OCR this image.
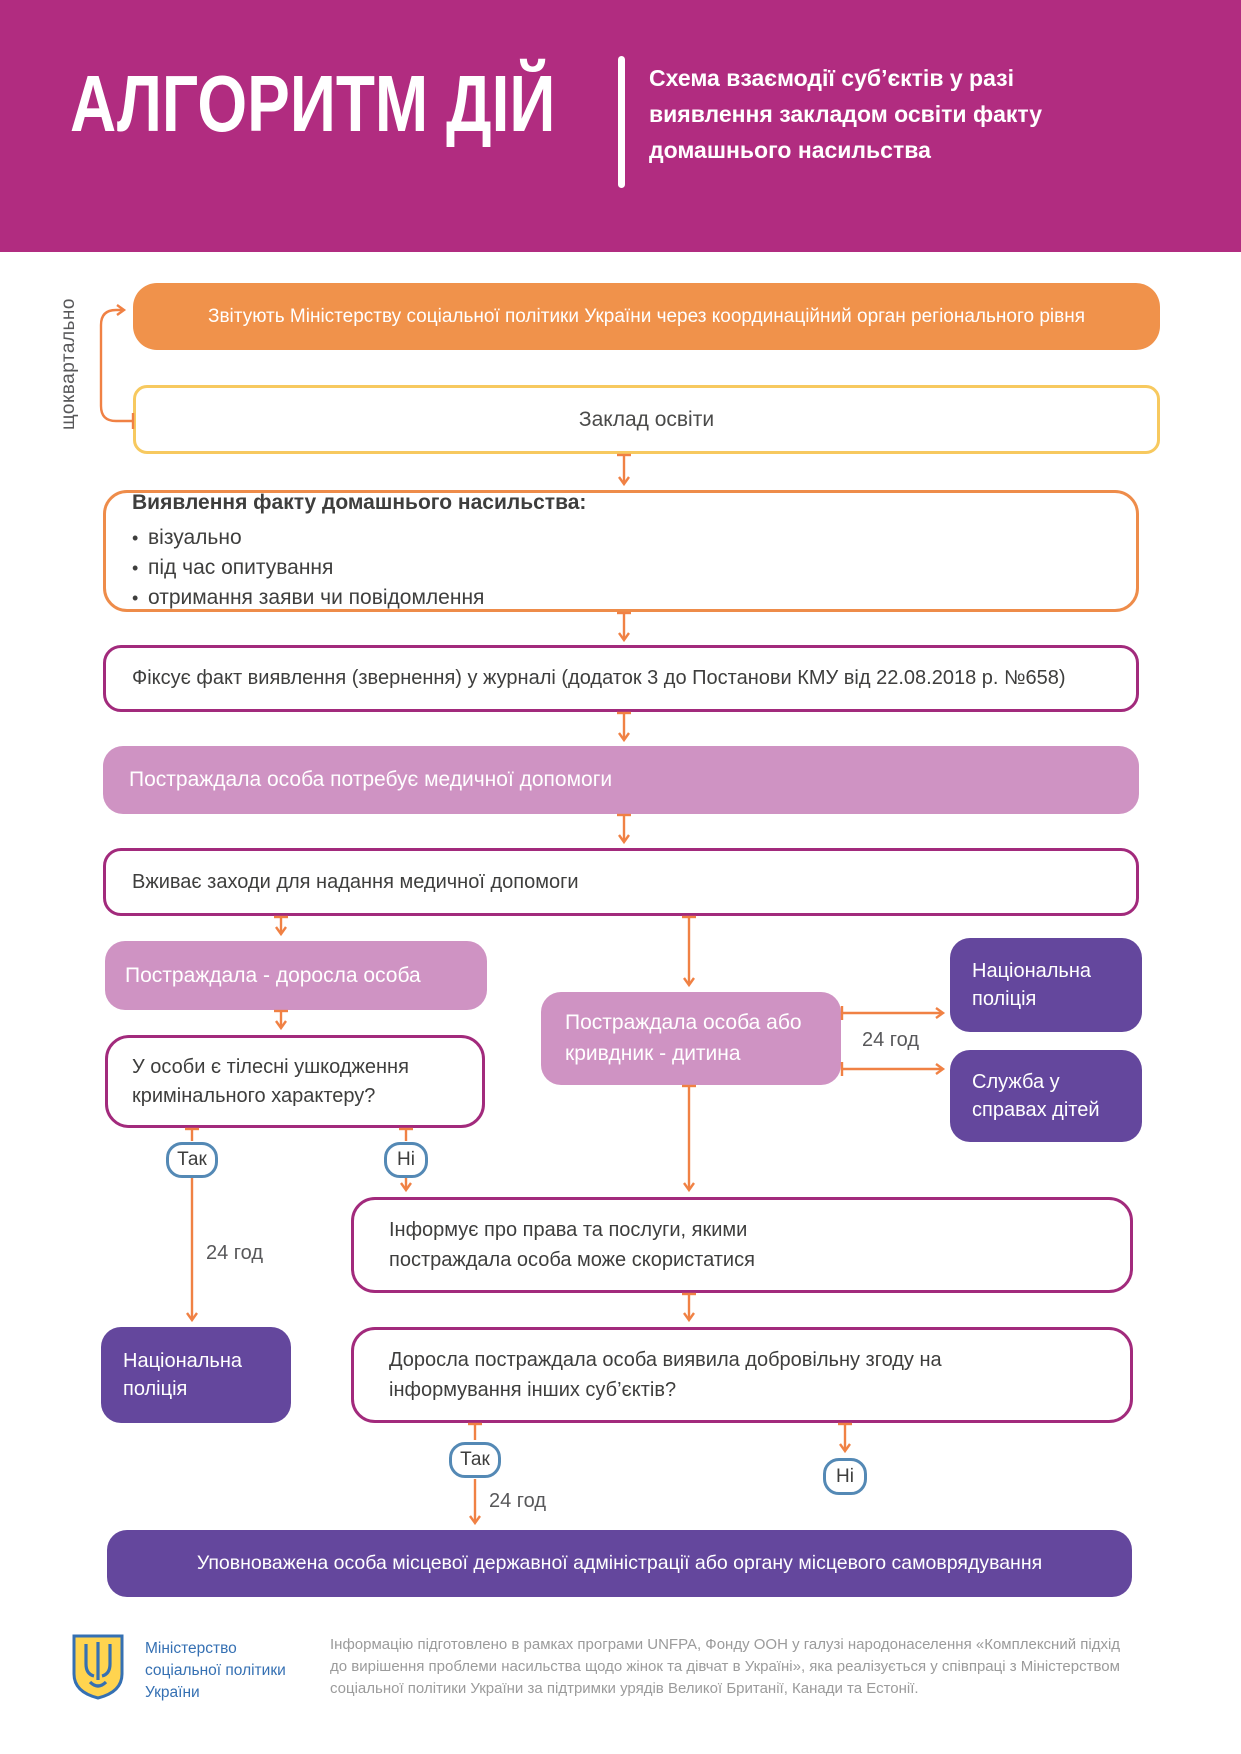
АЛГОРИТМ ДІЙ	Схема взаємодії суб’єктів у разі
виявлення закладом освіти факту
домашнього насильства
щоквартально	Звітують Міністерству соціальної політики України через координаційний орган регіонального рівня
Заклад освіти
Виявлення факту домашнього насильства:
• візуально
• під час опитування
• отримання заяви чи повідомлення
Фіксує факт виявлення (звернення) у журналі (додаток 3 до Постанови КМУ від 22.08.2018 р. №658)
Постраждала особа потребує медичної допомоги
Вживає заходи для надання медичної допомоги
Постраждала - доросла особа
Постраждала особа або кривдник - дитина
У особи є тілесні ушкодження кримінального характеру?
Національна поліція
Служба у справах дітей
Інформує про права та послуги, якими постраждала особа може скористатися
Національна поліція
Доросла постраждала особа виявила добровільну згоду на інформування інших суб’єктів?
Уповноважена особа місцевої державної адміністрації або органу місцевого самоврядування
Так	Ні
Так
Ні
24 год
24 год
24 год
Міністерство
соціальної політики
України
Інформацію підготовлено в рамках програми UNFPA, Фонду ООН у галузі народонаселення «Комплексний підхід
до вирішення проблеми насильства щодо жінок та дівчат в Україні», яка реалізується у співпраці з Міністерством
соціальної політики України за підтримки урядів Великої Британії, Канади та Естонії.
